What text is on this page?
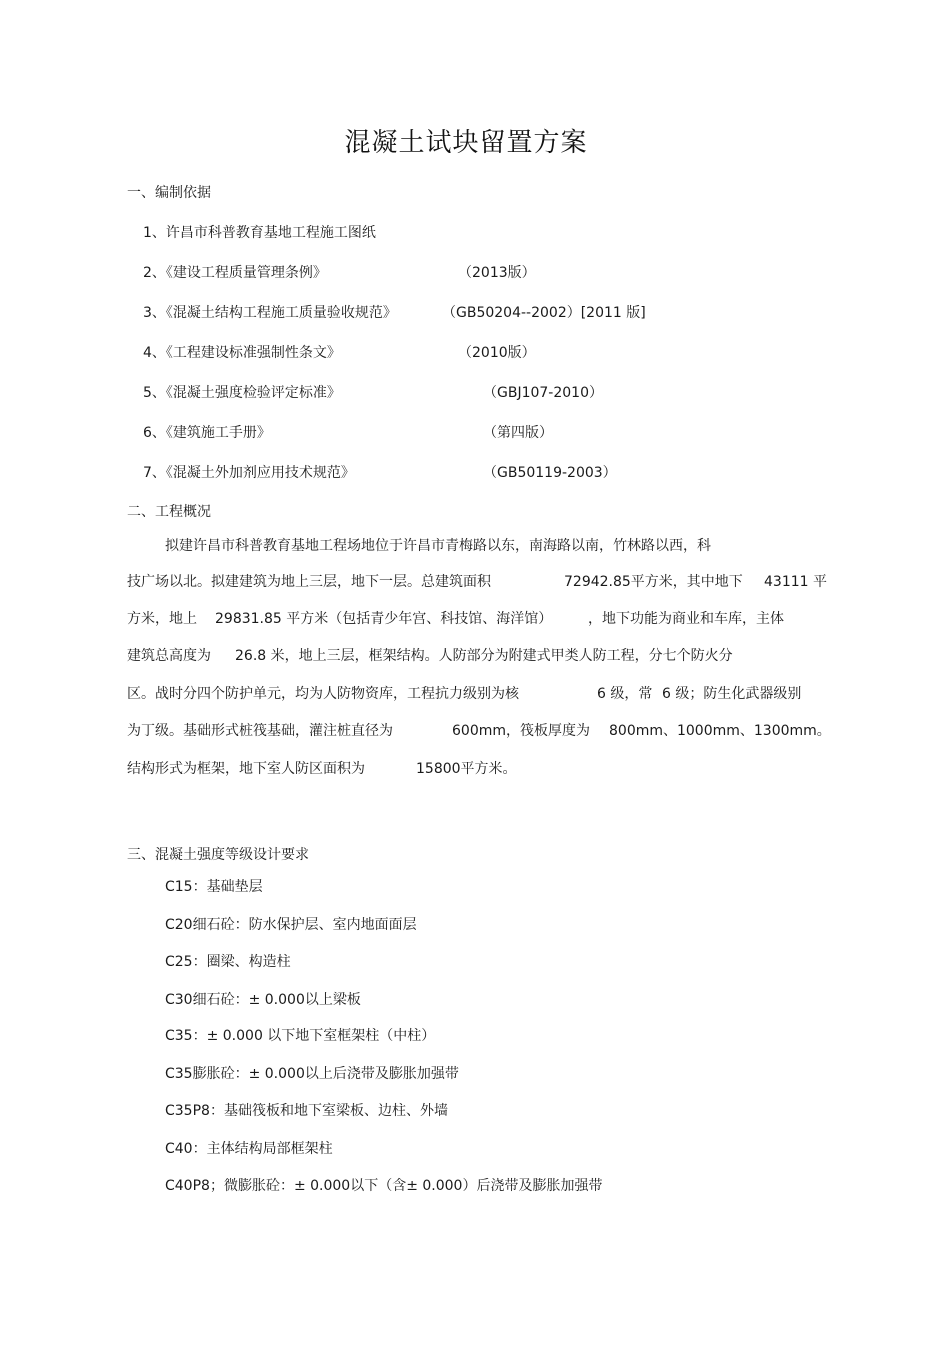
混凝土试块留置方案
一、编制依据
1、许昌市科普教育基地工程施工图纸
2、《建设工程质量管理条例》	（2013版）
3、《混凝土结构工程施工质量验收规范》	（GB50204--2002）[2011 版]
4、《工程建设标准强制性条文》	（2010版）
5、《混凝土强度检验评定标准》	（GBJ107-2010）
6、《建筑施工手册》	（第四版）
7、《混凝土外加剂应用技术规范》	（GB50119-2003）
二、工程概况
拟建许昌市科普教育基地工程场地位于许昌市青梅路以东，南海路以南，竹林路以西，科
技广场以北。拟建建筑为地上三层，地下一层。总建筑面积	72942.85平方米，其中地下 43111 平
方米，地上 29831.85 平方米（包括青少年宫、科技馆、海洋馆）	，地下功能为商业和车库，主体
建筑总高度为 26.8 米，地上三层，框架结构。人防部分为附建式甲类人防工程，分七个防火分
区。战时分四个防护单元，均为人防物资库，工程抗力级别为核	6 级，常 6 级；防生化武器级别
为丁级。基础形式桩筏基础，灌注桩直径为	600mm，筏板厚度为 800mm、1000mm、1300mm。
结构形式为框架，地下室人防区面积为	15800平方米。
三、混凝土强度等级设计要求
C15：基础垫层
C20细石砼：防水保护层、室内地面面层
C25：圈梁、构造柱
C30细石砼：± 0.000以上梁板
C35：± 0.000 以下地下室框架柱（中柱）
C35膨胀砼：± 0.000以上后浇带及膨胀加强带
C35P8：基础筏板和地下室梁板、边柱、外墙
C40：主体结构局部框架柱
C40P8；微膨胀砼：± 0.000以下（含± 0.000）后浇带及膨胀加强带
